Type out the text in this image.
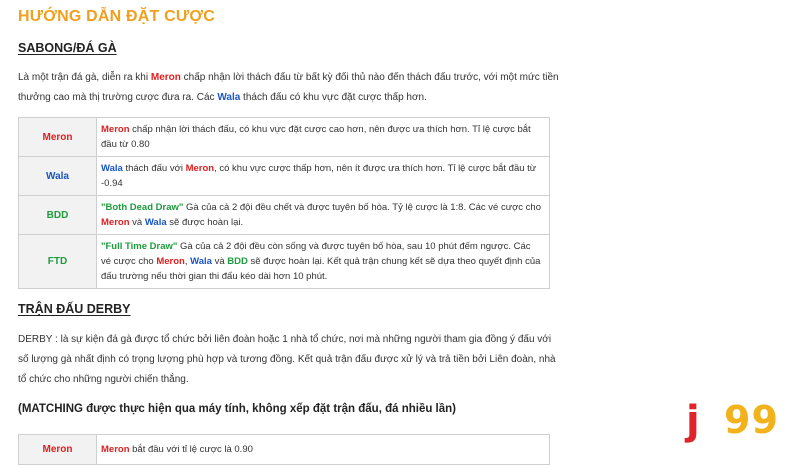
HƯỚNG DẪN ĐẶT CƯỢC
SABONG/ĐÁ GÀ
Là một trận đá gà, diễn ra khi Meron chấp nhận lời thách đấu từ bất kỳ đối thủ nào đến thách đấu trước, với một mức tiền thưởng cao mà thị trường cược đưa ra. Các Wala thách đấu có khu vực đặt cược thấp hơn.
Meron	Meron chấp nhận lời thách đấu, có khu vực đặt cược cao hơn, nên được ưa thích hơn. Tỉ lệ cược bắt đầu từ 0.80
Wala	Wala thách đấu với Meron, có khu vực cược thấp hơn, nên ít được ưa thích hơn. Tỉ lệ cược bắt đầu từ -0.94
BDD	"Both Dead Draw" Gà của cả 2 đội đều chết và được tuyên bố hòa. Tỷ lệ cược là 1:8. Các vé cược cho Meron và Wala sẽ được hoàn lại.
FTD	"Full Time Draw" Gà của cả 2 đội đều còn sống và được tuyên bố hòa, sau 10 phút đếm ngược. Các vé cược cho Meron, Wala và BDD sẽ được hoàn lại. Kết quả trận chung kết sẽ dựa theo quyết định của đấu trường nếu thời gian thi đấu kéo dài hơn 10 phút.
TRẬN ĐẤU DERBY
DERBY : là sự kiện đá gà được tổ chức bởi liên đoàn hoặc 1 nhà tổ chức, nơi mà những người tham gia đồng ý đấu với số lượng gà nhất định có trọng lượng phù hợp và tương đồng. Kết quả trận đấu được xử lý và trả tiền bởi Liên đoàn, nhà tổ chức cho những người chiến thắng.
(MATCHING được thực hiện qua máy tính, không xếp đặt trận đấu, đá nhiều lần)
Meron	Meron bắt đầu với tỉ lệ cược là 0.90
j 99
